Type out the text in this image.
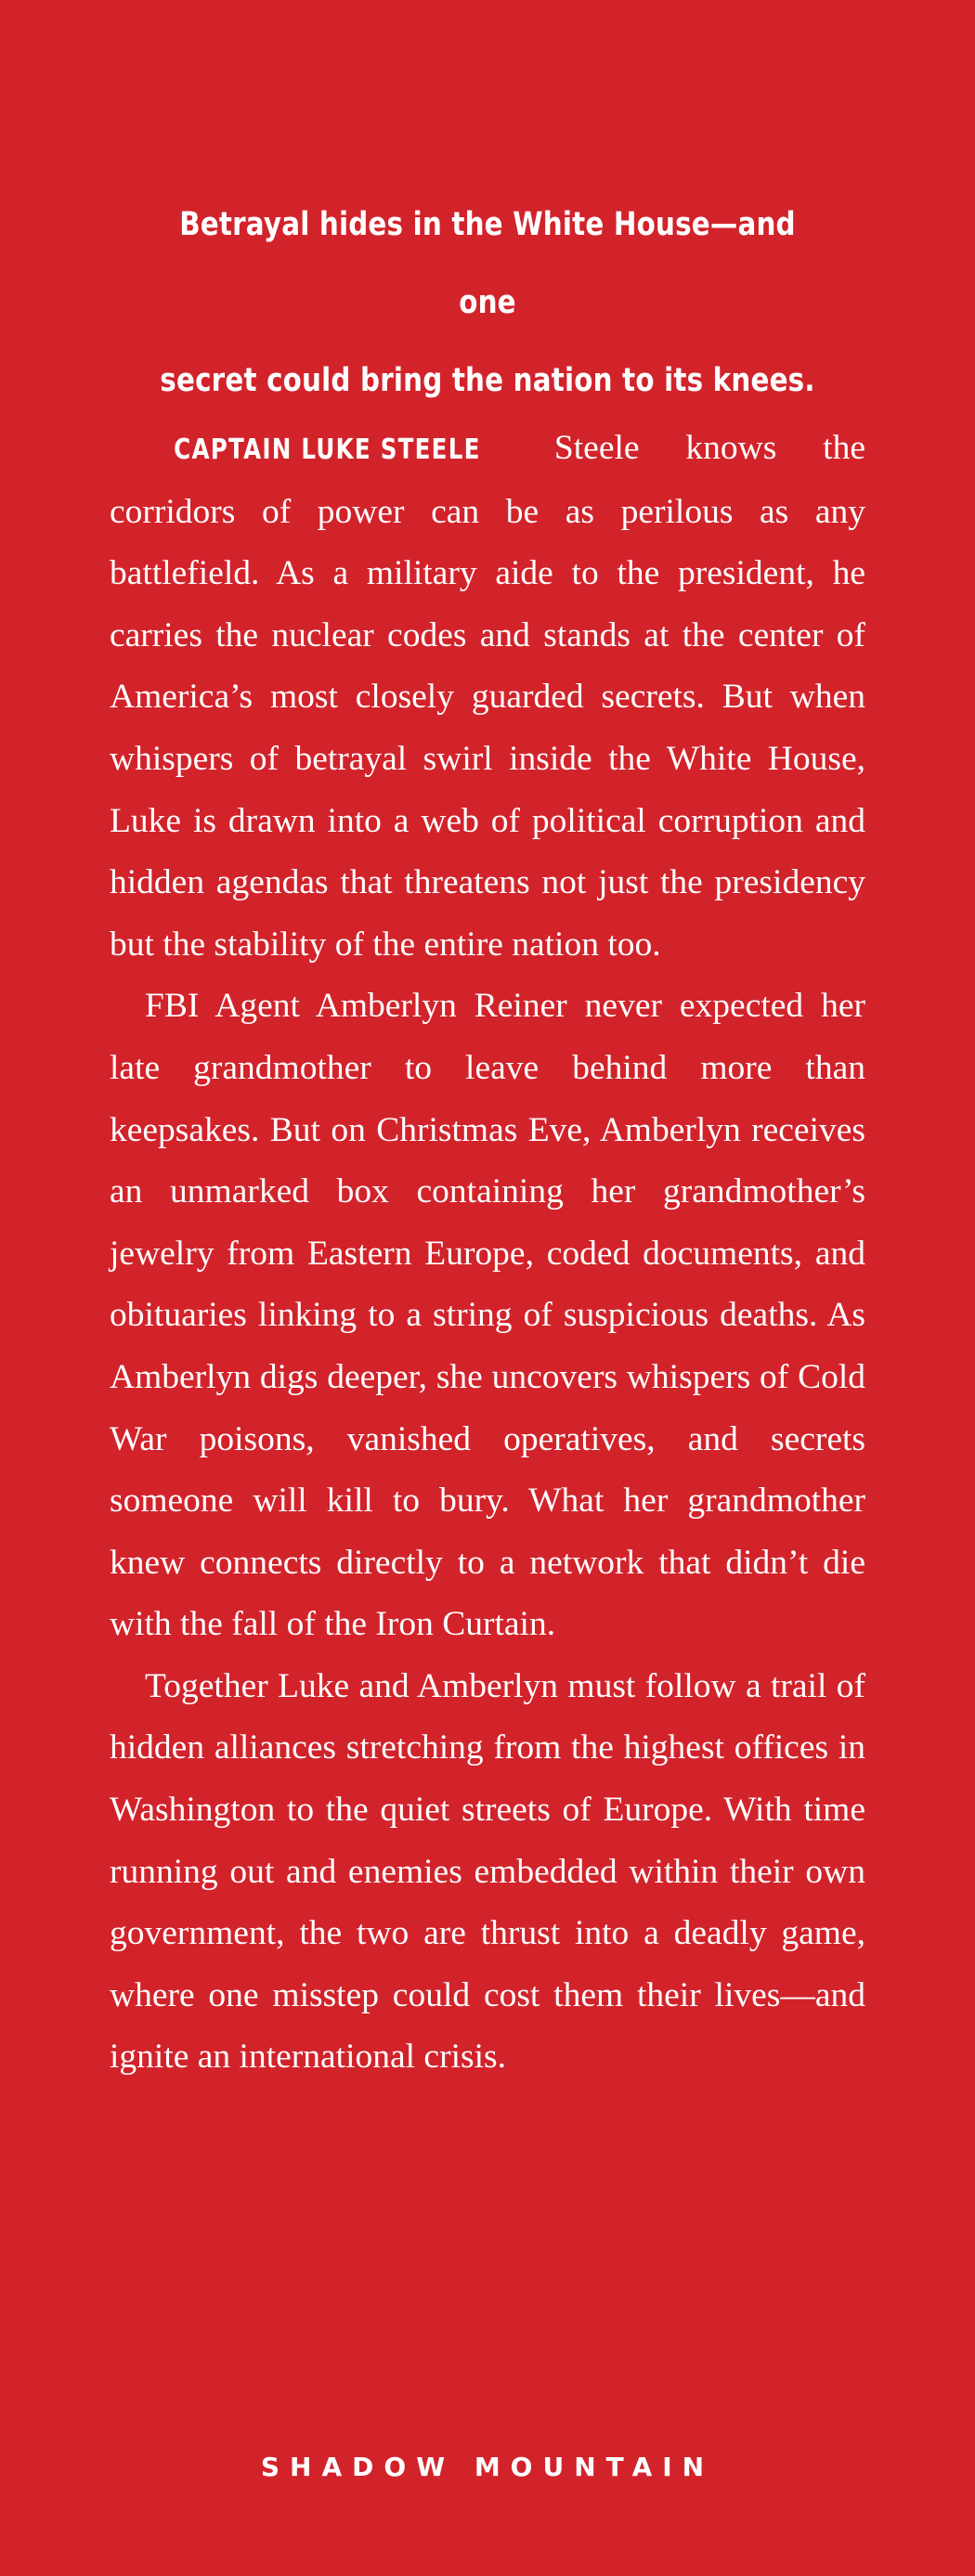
Betrayal hides in the White House—and one
secret could bring the nation to its knees.

CAPTAIN LUKE STEELE Steele knows the corridors of power can be as perilous as any battlefield. As a military aide to the president, he carries the nuclear codes and stands at the center of America’s most closely guarded secrets. But when whispers of betrayal swirl inside the White House, Luke is drawn into a web of political corruption and hidden agendas that threatens not just the presidency but the stability of the entire nation too.

FBI Agent Amberlyn Reiner never expected her late grandmother to leave behind more than keepsakes. But on Christmas Eve, Amberlyn receives an unmarked box containing her grandmother’s jewelry from Eastern Europe, coded documents, and obituaries linking to a string of suspicious deaths. As Amberlyn digs deeper, she uncovers whispers of Cold War poisons, vanished operatives, and secrets someone will kill to bury. What her grandmother knew connects directly to a network that didn’t die with the fall of the Iron Curtain.

Together Luke and Amberlyn must follow a trail of hidden alliances stretching from the highest offices in Washington to the quiet streets of Europe. With time running out and enemies embedded within their own government, the two are thrust into a deadly game, where one misstep could cost them their lives—and ignite an international crisis.

SHADOW MOUNTAIN
